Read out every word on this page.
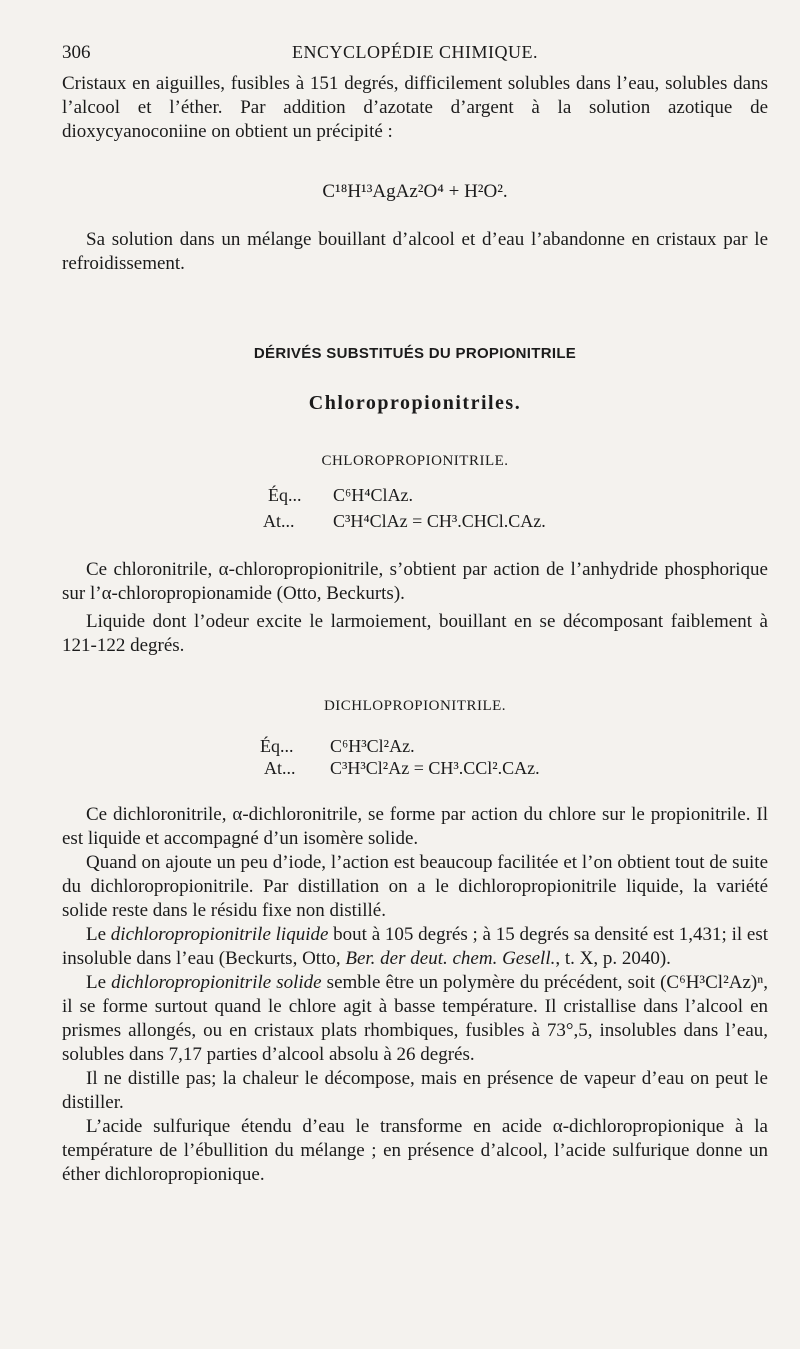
306	ENCYCLOPÉDIE CHIMIQUE.

Cristaux en aiguilles, fusibles à 151 degrés, difficilement solubles dans l’eau, solubles dans l’alcool et l’éther. Par addition d’azotate d’argent à la solution azotique de dioxycyanoconiine on obtient un précipité :

C¹⁸H¹³AgAz²O⁴ + H²O².
Sa solution dans un mélange bouillant d’alcool et d’eau l’abandonne en cristaux par le refroidissement.
DÉRIVÉS SUBSTITUÉS DU PROPIONITRILE
Chloropropionitriles.
CHLOROPROPIONITRILE.
Éq... C⁶H⁴ClAz.
At... C³H⁴ClAz = CH³.CHCl.CAz.
Ce chloronitrile, α-chloropropionitrile, s’obtient par action de l’anhydride phosphorique sur l’α-chloropropionamide (Otto, Beckurts).
Liquide dont l’odeur excite le larmoiement, bouillant en se décomposant faiblement à 121-122 degrés.
DICHLOPROPIONITRILE.
Éq... C⁶H³Cl²Az.
At... C³H³Cl²Az = CH³.CCl².CAz.

Ce dichloronitrile, α-dichloronitrile, se forme par action du chlore sur le propionitrile. Il est liquide et accompagné d’un isomère solide.

Quand on ajoute un peu d’iode, l’action est beaucoup facilitée et l’on obtient tout de suite du dichloropropionitrile. Par distillation on a le dichloropropionitrile liquide, la variété solide reste dans le résidu fixe non distillé.

Le dichloropropionitrile liquide bout à 105 degrés ; à 15 degrés sa densité est 1,431; il est insoluble dans l’eau (Beckurts, Otto, Ber. der deut. chem. Gesell., t. X, p. 2040).

Le dichloropropionitrile solide semble être un polymère du précédent, soit (C⁶H³Cl²Az)ⁿ, il se forme surtout quand le chlore agit à basse température. Il cristallise dans l’alcool en prismes allongés, ou en cristaux plats rhombiques, fusibles à 73°,5, insolubles dans l’eau, solubles dans 7,17 parties d’alcool absolu à 26 degrés.

Il ne distille pas; la chaleur le décompose, mais en présence de vapeur d’eau on peut le distiller.

L’acide sulfurique étendu d’eau le transforme en acide α-dichloropropionique à la température de l’ébullition du mélange ; en présence d’alcool, l’acide sulfurique donne un éther dichloropropionique.
